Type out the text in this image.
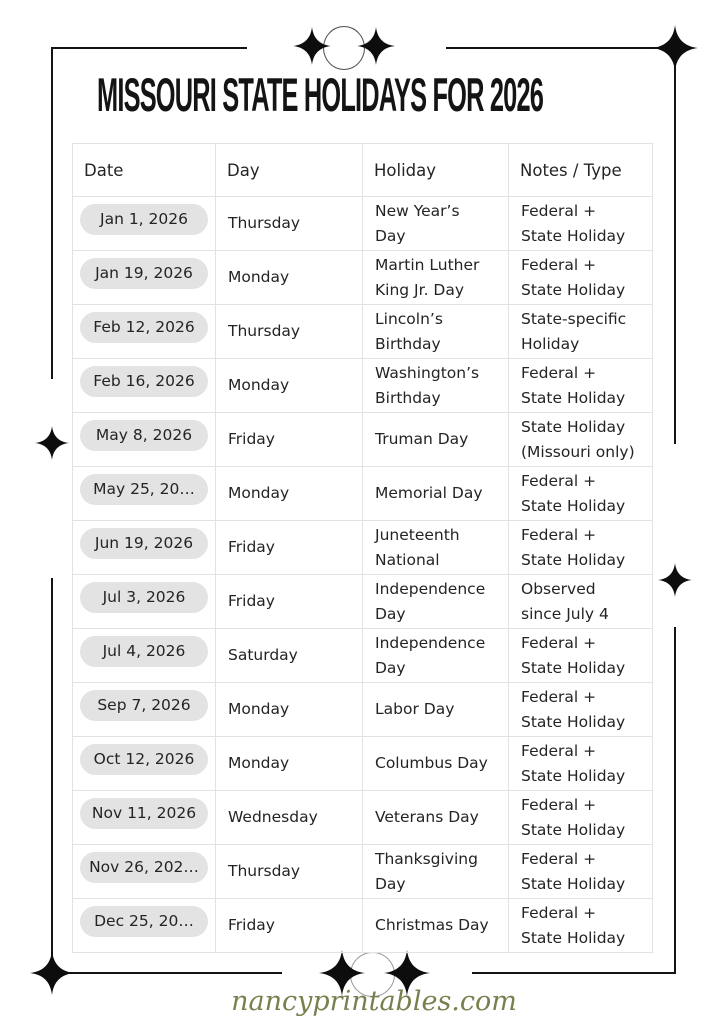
MISSOURI STATE HOLIDAYS FOR 2026
Date	Day	Holiday	Notes / Type
Jan 1, 2026	Thursday	New Year’s Day	Federal + State Holiday
Jan 19, 2026	Monday	Martin Luther King Jr. Day	Federal + State Holiday
Feb 12, 2026	Thursday	Lincoln’s Birthday	State-specific Holiday
Feb 16, 2026	Monday	Washington’s Birthday	Federal + State Holiday
May 8, 2026	Friday	Truman Day	State Holiday (Missouri only)
May 25, 20…	Monday	Memorial Day	Federal + State Holiday
Jun 19, 2026	Friday	Juneteenth National	Federal + State Holiday
Jul 3, 2026	Friday	Independence Day	Observed since July 4
Jul 4, 2026	Saturday	Independence Day	Federal + State Holiday
Sep 7, 2026	Monday	Labor Day	Federal + State Holiday
Oct 12, 2026	Monday	Columbus Day	Federal + State Holiday
Nov 11, 2026	Wednesday	Veterans Day	Federal + State Holiday
Nov 26, 202…	Thursday	Thanksgiving Day	Federal + State Holiday
Dec 25, 20…	Friday	Christmas Day	Federal + State Holiday
nancyprintables.com
